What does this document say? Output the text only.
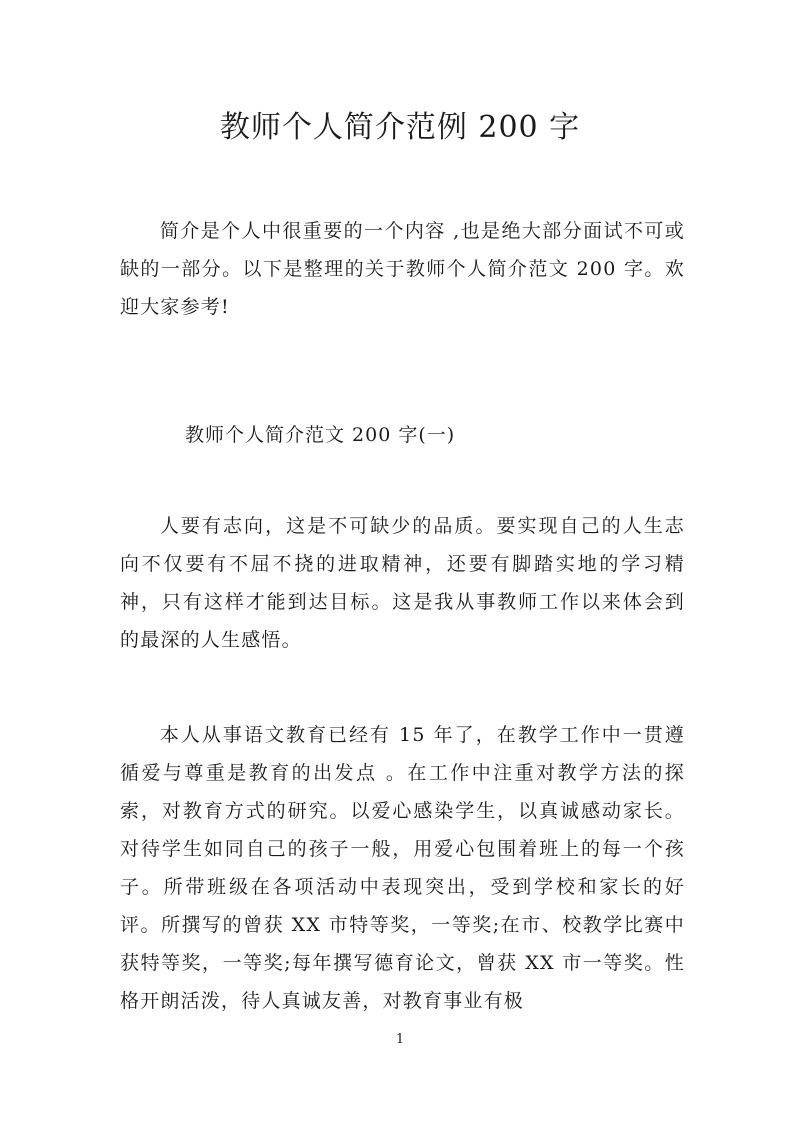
教师个人简介范例 200 字

简介是个人中很重要的一个内容 ,也是绝大部分面试不可或缺的一部分。以下是整理的关于教师个人简介范文 200 字。欢迎大家参考!

教师个人简介范文 200 字(一)

人要有志向，这是不可缺少的品质。要实现自己的人生志向不仅要有不屈不挠的进取精神，还要有脚踏实地的学习精神，只有这样才能到达目标。这是我从事教师工作以来体会到的最深的人生感悟。

本人从事语文教育已经有 15 年了，在教学工作中一贯遵循爱与尊重是教育的出发点 。在工作中注重对教学方法的探索，对教育方式的研究。以爱心感染学生，以真诚感动家长。对待学生如同自己的孩子一般，用爱心包围着班上的每一个孩子。所带班级在各项活动中表现突出，受到学校和家长的好评。所撰写的曾获 XX 市特等奖，一等奖;在市、校教学比赛中获特等奖，一等奖;每年撰写德育论文，曾获 XX 市一等奖。性格开朗活泼，待人真诚友善，对教育事业有极

1
